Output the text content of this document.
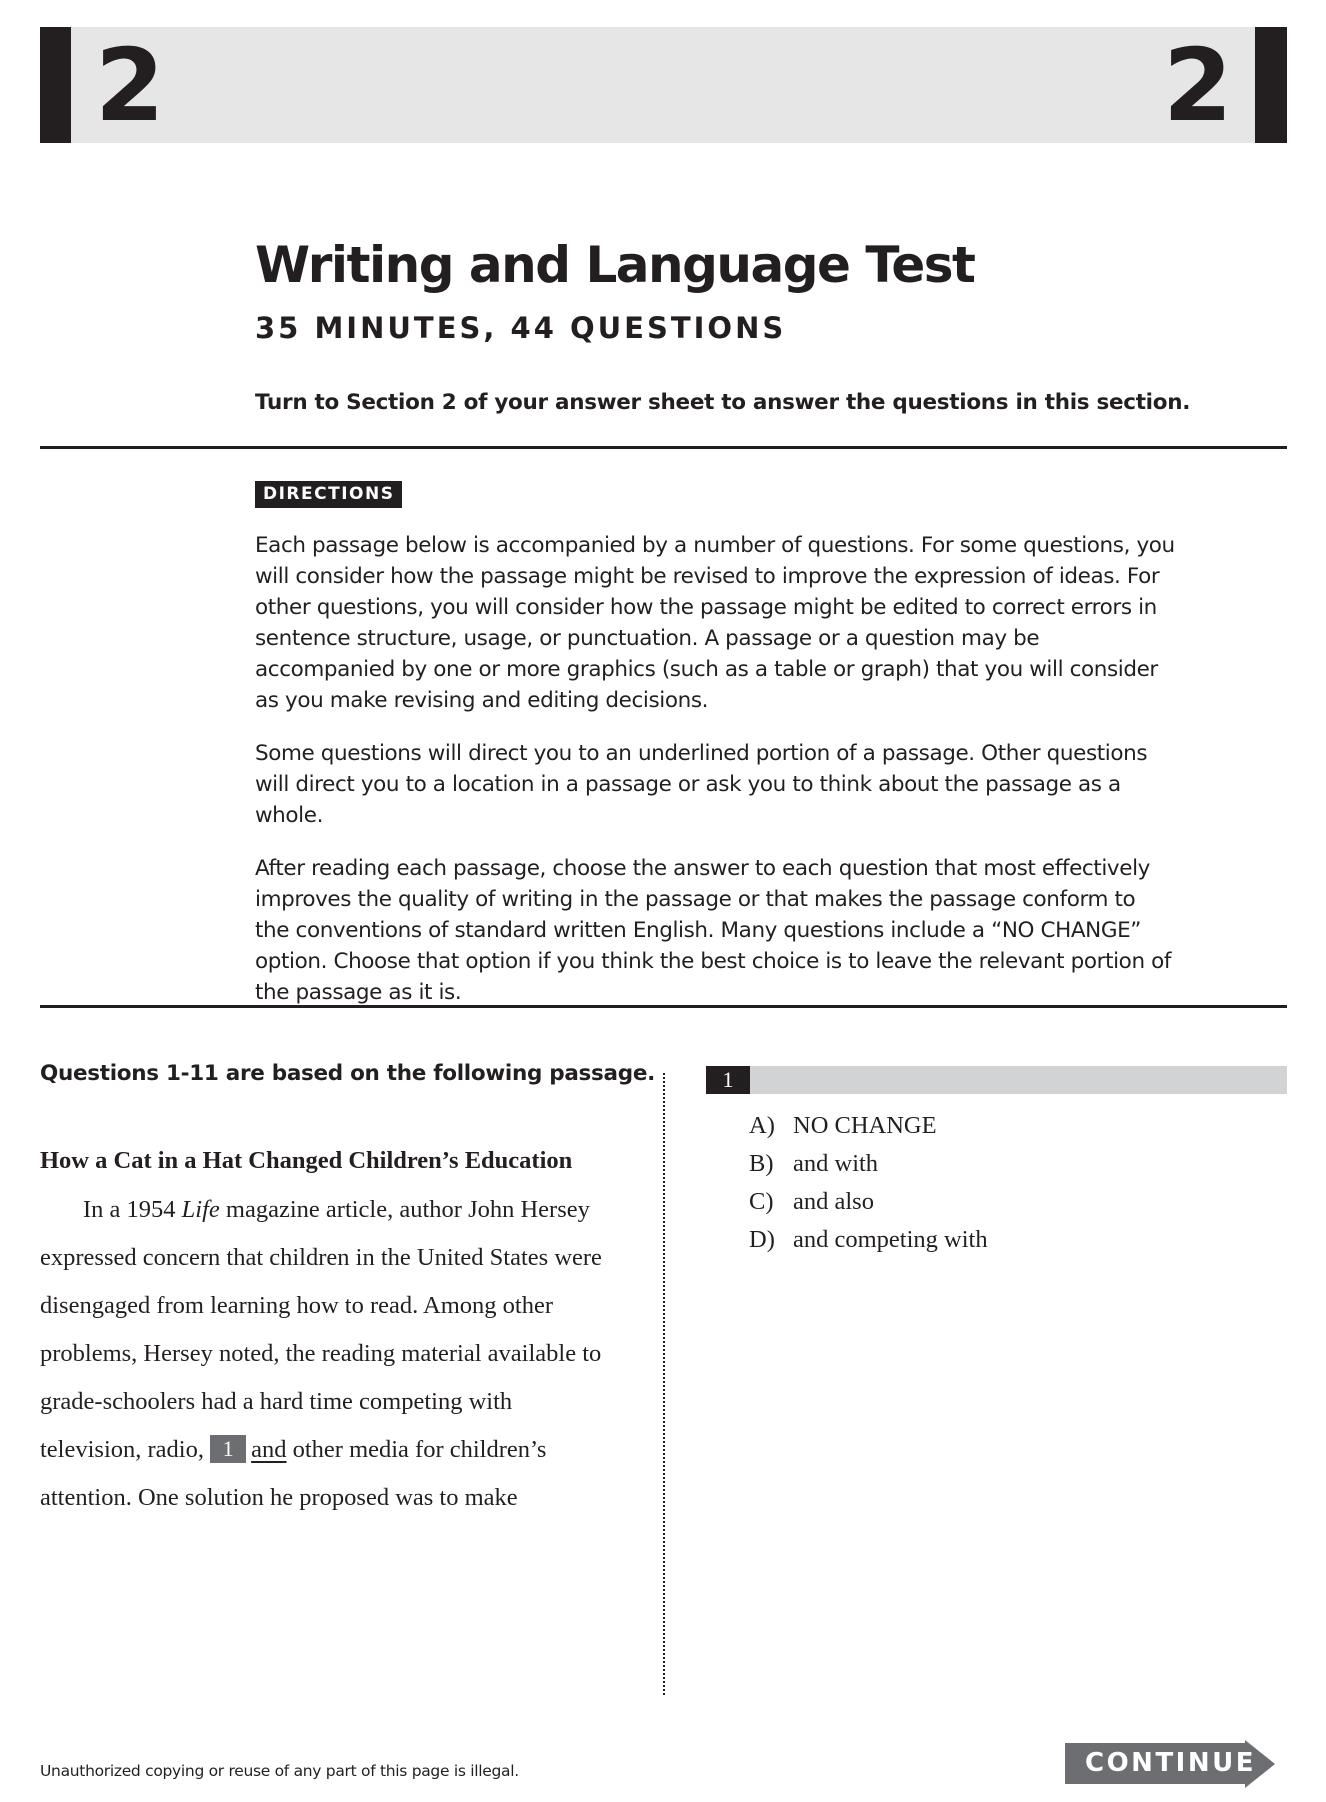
2	2

Writing and Language Test
35 MINUTES, 44 QUESTIONS

Turn to Section 2 of your answer sheet to answer the questions in this section.

DIRECTIONS

Each passage below is accompanied by a number of questions. For some questions, you will consider how the passage might be revised to improve the expression of ideas. For other questions, you will consider how the passage might be edited to correct errors in sentence structure, usage, or punctuation. A passage or a question may be accompanied by one or more graphics (such as a table or graph) that you will consider as you make revising and editing decisions.

Some questions will direct you to an underlined portion of a passage. Other questions will direct you to a location in a passage or ask you to think about the passage as a whole.

After reading each passage, choose the answer to each question that most effectively improves the quality of writing in the passage or that makes the passage conform to the conventions of standard written English. Many questions include a “NO CHANGE” option. Choose that option if you think the best choice is to leave the relevant portion of the passage as it is.

Questions 1-11 are based on the following passage.

How a Cat in a Hat Changed Children’s Education

In a 1954 Life magazine article, author John Hersey
expressed concern that children in the United States were
disengaged from learning how to read. Among other
problems, Hersey noted, the reading material available to
grade-schoolers had a hard time competing with
television, radio, 1 and other media for children’s
attention. One solution he proposed was to make
1
A) NO CHANGE
B) and with
C) and also
D) and competing with

Unauthorized copying or reuse of any part of this page is illegal.	CONTINUE
